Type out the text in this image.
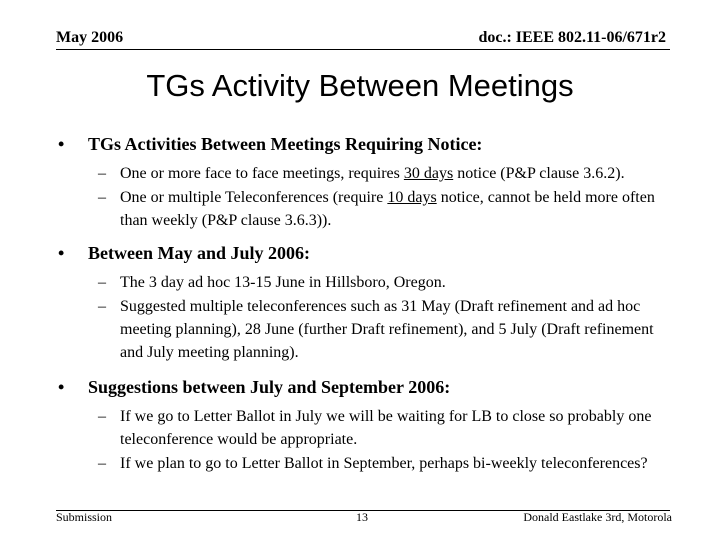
May 2006	doc.: IEEE 802.11-06/671r2
TGs Activity Between Meetings
• TGs Activities Between Meetings Requiring Notice:
– One or more face to face meetings, requires 30 days notice (P&P clause 3.6.2).
– One or multiple Teleconferences (require 10 days notice, cannot be held more often than weekly (P&P clause 3.6.3)).
• Between May and July 2006:
– The 3 day ad hoc 13-15 June in Hillsboro, Oregon.
– Suggested multiple teleconferences such as 31 May (Draft refinement and ad hoc meeting planning), 28 June (further Draft refinement), and 5 July (Draft refinement and July meeting planning).
• Suggestions between July and September 2006:
– If we go to Letter Ballot in July we will be waiting for LB to close so probably one teleconference would be appropriate.
– If we plan to go to Letter Ballot in September, perhaps bi-weekly teleconferences?
Submission	13	Donald Eastlake 3rd, Motorola
